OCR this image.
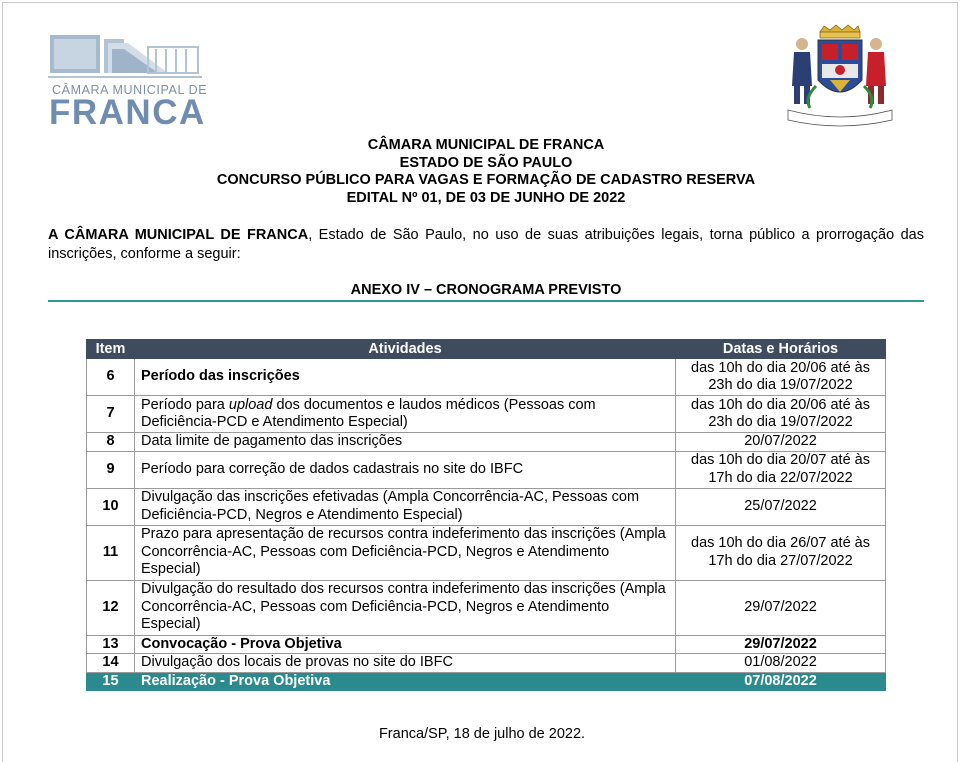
CÂMARA MUNICIPAL DE
FRANCA
CÂMARA MUNICIPAL DE FRANCA
ESTADO DE SÃO PAULO
CONCURSO PÚBLICO PARA VAGAS E FORMAÇÃO DE CADASTRO RESERVA
EDITAL Nº 01, DE 03 DE JUNHO DE 2022
A CÂMARA MUNICIPAL DE FRANCA, Estado de São Paulo, no uso de suas atribuições legais, torna público a prorrogação das inscrições, conforme a seguir:
ANEXO IV – CRONOGRAMA PREVISTO
Item	Atividades	Datas e Horários
6	Período das inscrições	das 10h do dia 20/06 até às 23h do dia 19/07/2022
7	Período para upload dos documentos e laudos médicos (Pessoas com Deficiência-PCD e Atendimento Especial)	das 10h do dia 20/06 até às 23h do dia 19/07/2022
8	Data limite de pagamento das inscrições	20/07/2022
9	Período para correção de dados cadastrais no site do IBFC	das 10h do dia 20/07 até às 17h do dia 22/07/2022
10	Divulgação das inscrições efetivadas (Ampla Concorrência-AC, Pessoas com Deficiência-PCD, Negros e Atendimento Especial)	25/07/2022
11	Prazo para apresentação de recursos contra indeferimento das inscrições (Ampla Concorrência-AC, Pessoas com Deficiência-PCD, Negros e Atendimento Especial)	das 10h do dia 26/07 até às 17h do dia 27/07/2022
12	Divulgação do resultado dos recursos contra indeferimento das inscrições (Ampla Concorrência-AC, Pessoas com Deficiência-PCD, Negros e Atendimento Especial)	29/07/2022
13	Convocação - Prova Objetiva	29/07/2022
14	Divulgação dos locais de provas no site do IBFC	01/08/2022
15	Realização - Prova Objetiva	07/08/2022
Franca/SP, 18 de julho de 2022.
